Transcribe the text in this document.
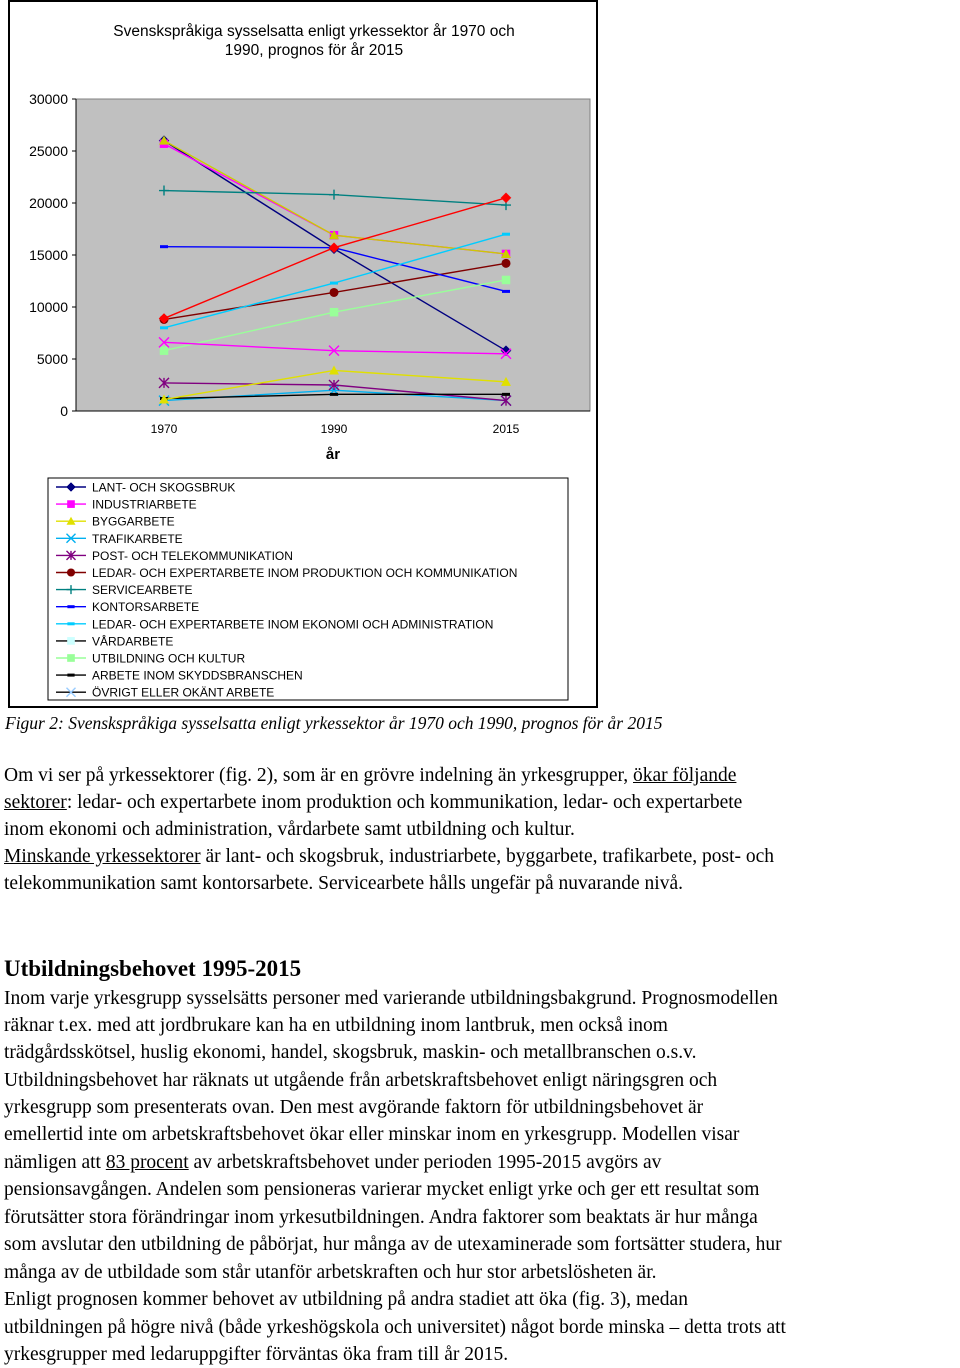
Svenskspråkiga sysselsatta enligt yrkessektor år 1970 och
1990, prognos för år 2015
0
5000
10000
15000
20000
25000
30000
1970	1990	2015
år
LANT- OCH SKOGSBRUK
INDUSTRIARBETE
BYGGARBETE
TRAFIKARBETE
POST- OCH TELEKOMMUNIKATION
LEDAR- OCH EXPERTARBETE INOM PRODUKTION OCH KOMMUNIKATION
SERVICEARBETE
KONTORSARBETE
LEDAR- OCH EXPERTARBETE INOM EKONOMI OCH ADMINISTRATION
VÅRDARBETE
UTBILDNING OCH KULTUR
ARBETE INOM SKYDDSBRANSCHEN
ÖVRIGT ELLER OKÄNT ARBETE
Figur 2: Svenskspråkiga sysselsatta enligt yrkessektor år 1970 och 1990, prognos för år 2015
Om vi ser på yrkessektorer (fig. 2), som är en grövre indelning än yrkesgrupper, ökar följande
sektorer: ledar- och expertarbete inom produktion och kommunikation, ledar- och expertarbete
inom ekonomi och administration, vårdarbete samt utbildning och kultur.
Minskande yrkessektorer är lant- och skogsbruk, industriarbete, byggarbete, trafikarbete, post- och
telekommunikation samt kontorsarbete. Servicearbete hålls ungefär på nuvarande nivå.
Utbildningsbehovet 1995-2015
Inom varje yrkesgrupp sysselsätts personer med varierande utbildningsbakgrund. Prognosmodellen
räknar t.ex. med att jordbrukare kan ha en utbildning inom lantbruk, men också inom
trädgårdsskötsel, huslig ekonomi, handel, skogsbruk, maskin- och metallbranschen o.s.v.
Utbildningsbehovet har räknats ut utgående från arbetskraftsbehovet enligt näringsgren och
yrkesgrupp som presenterats ovan. Den mest avgörande faktorn för utbildningsbehovet är
emellertid inte om arbetskraftsbehovet ökar eller minskar inom en yrkesgrupp. Modellen visar
nämligen att 83 procent av arbetskraftsbehovet under perioden 1995-2015 avgörs av
pensionsavgången. Andelen som pensioneras varierar mycket enligt yrke och ger ett resultat som
förutsätter stora förändringar inom yrkesutbildningen. Andra faktorer som beaktats är hur många
som avslutar den utbildning de påbörjat, hur många av de utexaminerade som fortsätter studera, hur
många av de utbildade som står utanför arbetskraften och hur stor arbetslösheten är.
Enligt prognosen kommer behovet av utbildning på andra stadiet att öka (fig. 3), medan
utbildningen på högre nivå (både yrkeshögskola och universitet) något borde minska – detta trots att
yrkesgrupper med ledaruppgifter förväntas öka fram till år 2015.
